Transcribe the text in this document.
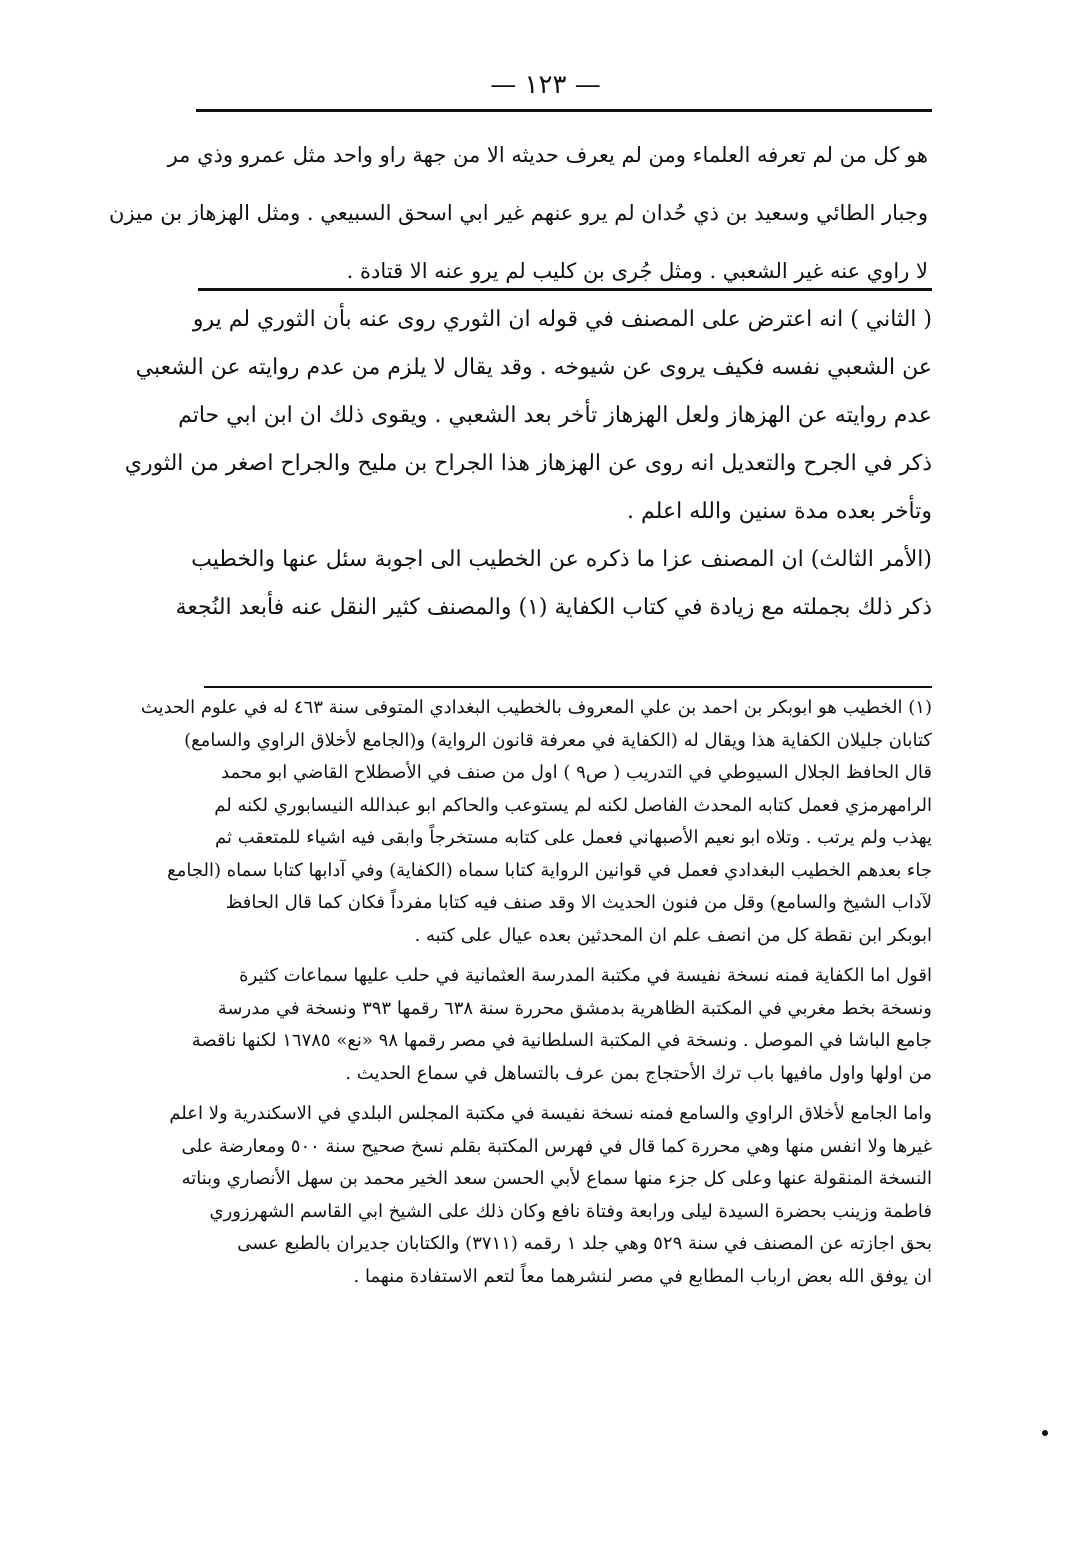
— ١٢٣ —
هو كل من لم تعرفه العلماء ومن لم يعرف حديثه الا من جهة راو واحد مثل عمرو وذي مر
وجبار الطائي وسعيد بن ذي حُدان لم يرو عنهم غير ابي اسحق السبيعي . ومثل الهزهاز بن ميزن
لا راوي عنه غير الشعبي . ومثل جُرى بن كليب لم يرو عنه الا قتادة .
( الثاني ) انه اعترض على المصنف في قوله ان الثوري روى عنه بأن الثوري لم يرو
عن الشعبي نفسه فكيف يروى عن شيوخه . وقد يقال لا يلزم من عدم روايته عن الشعبي
عدم روايته عن الهزهاز ولعل الهزهاز تأخر بعد الشعبي . ويقوى ذلك ان ابن ابي حاتم
ذكر في الجرح والتعديل انه روى عن الهزهاز هذا الجراح بن مليح والجراح اصغر من الثوري
وتأخر بعده مدة سنين والله اعلم .
(الأمر الثالث) ان المصنف عزا ما ذكره عن الخطيب الى اجوبة سئل عنها والخطيب
ذكر ذلك بجملته مع زيادة في كتاب الكفاية (١) والمصنف كثير النقل عنه فأبعد النُجعة
(١) الخطيب هو ابوبكر بن احمد بن علي المعروف بالخطيب البغدادي المتوفى سنة ٤٦٣ له في علوم الحديث
كتابان جليلان الكفاية هذا ويقال له (الكفاية في معرفة قانون الرواية) و(الجامع لأخلاق الراوي والسامع)
قال الحافظ الجلال السيوطي في التدريب ( ص٩ ) اول من صنف في الأصطلاح القاضي ابو محمد
الرامهرمزي فعمل كتابه المحدث الفاصل لكنه لم يستوعب والحاكم ابو عبدالله النيسابوري لكنه لم
يهذب ولم يرتب . وتلاه ابو نعيم الأصبهاني فعمل على كتابه مستخرجاً وابقى فيه اشياء للمتعقب ثم
جاء بعدهم الخطيب البغدادي فعمل في قوانين الرواية كتابا سماه (الكفاية) وفي آدابها كتابا سماه (الجامع
لآداب الشيخ والسامع) وقل من فنون الحديث الا وقد صنف فيه كتابا مفرداً فكان كما قال الحافظ
ابوبكر ابن نقطة كل من انصف علم ان المحدثين بعده عيال على كتبه .
اقول اما الكفاية فمنه نسخة نفيسة في مكتبة المدرسة العثمانية في حلب عليها سماعات كثيرة
ونسخة بخط مغربي في المكتبة الظاهرية بدمشق محررة سنة ٦٣٨ رقمها ٣٩٣ ونسخة في مدرسة
جامع الباشا في الموصل . ونسخة في المكتبة السلطانية في مصر رقمها ٩٨ «نع» ١٦٧٨٥ لكنها ناقصة
من اولها واول مافيها باب ترك الأحتجاج بمن عرف بالتساهل في سماع الحديث .
واما الجامع لأخلاق الراوي والسامع فمنه نسخة نفيسة في مكتبة المجلس البلدي في الاسكندرية ولا اعلم
غيرها ولا انفس منها وهي محررة كما قال في فهرس المكتبة بقلم نسخ صحيح سنة ٥٠٠ ومعارضة على
النسخة المنقولة عنها وعلى كل جزء منها سماع لأبي الحسن سعد الخير محمد بن سهل الأنصاري وبناته
فاطمة وزينب بحضرة السيدة ليلى ورابعة وفتاة نافع وكان ذلك على الشيخ ابي القاسم الشهرزوري
بحق اجازته عن المصنف في سنة ٥٢٩ وهي جلد ١ رقمه (٣٧١١) والكتابان جديران بالطبع عسى
ان يوفق الله بعض ارباب المطابع في مصر لنشرهما معاً لتعم الاستفادة منهما .
